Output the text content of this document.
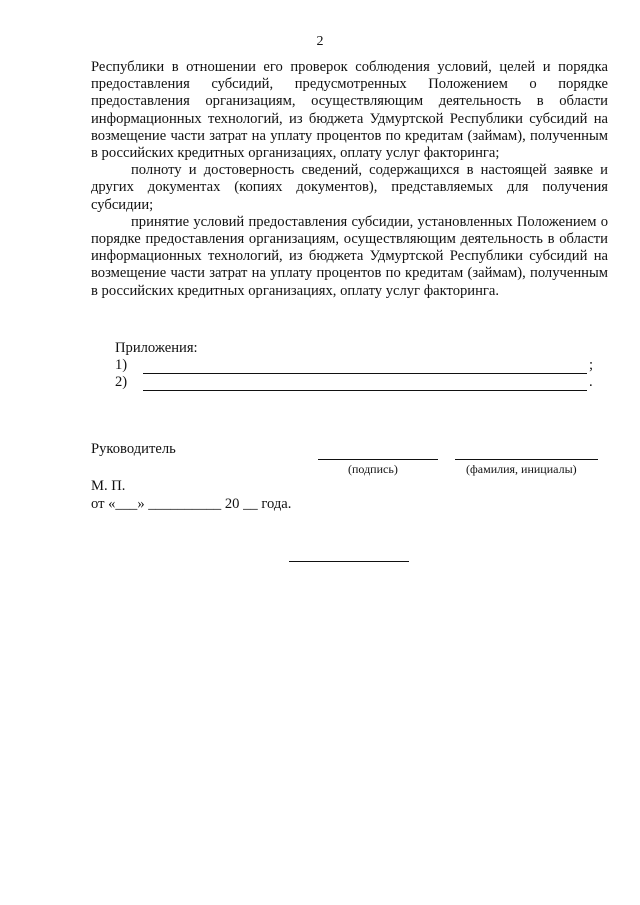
2

Республики в отношении его проверок соблюдения условий, целей и порядка предоставления субсидий, предусмотренных Положением о порядке предоставления организациям, осуществляющим деятельность в области информационных технологий, из бюджета Удмуртской Республики субсидий на возмещение части затрат на уплату процентов по кредитам (займам), полученным в российских кредитных организациях, оплату услуг факторинга;

полноту и достоверность сведений, содержащихся в настоящей заявке и других документах (копиях документов), представляемых для получения субсидии;

принятие условий предоставления субсидии, установленных Положением о порядке предоставления организациям, осуществляющим деятельность в области информационных технологий, из бюджета Удмуртской Республики субсидий на возмещение части затрат на уплату процентов по кредитам (займам), полученным в российских кредитных организациях, оплату услуг факторинга.

Приложения:
1)	;
2)	.
Руководитель
(подпись)	(фамилия, инициалы)
М. П.
от «___» __________ 20 __ года.
